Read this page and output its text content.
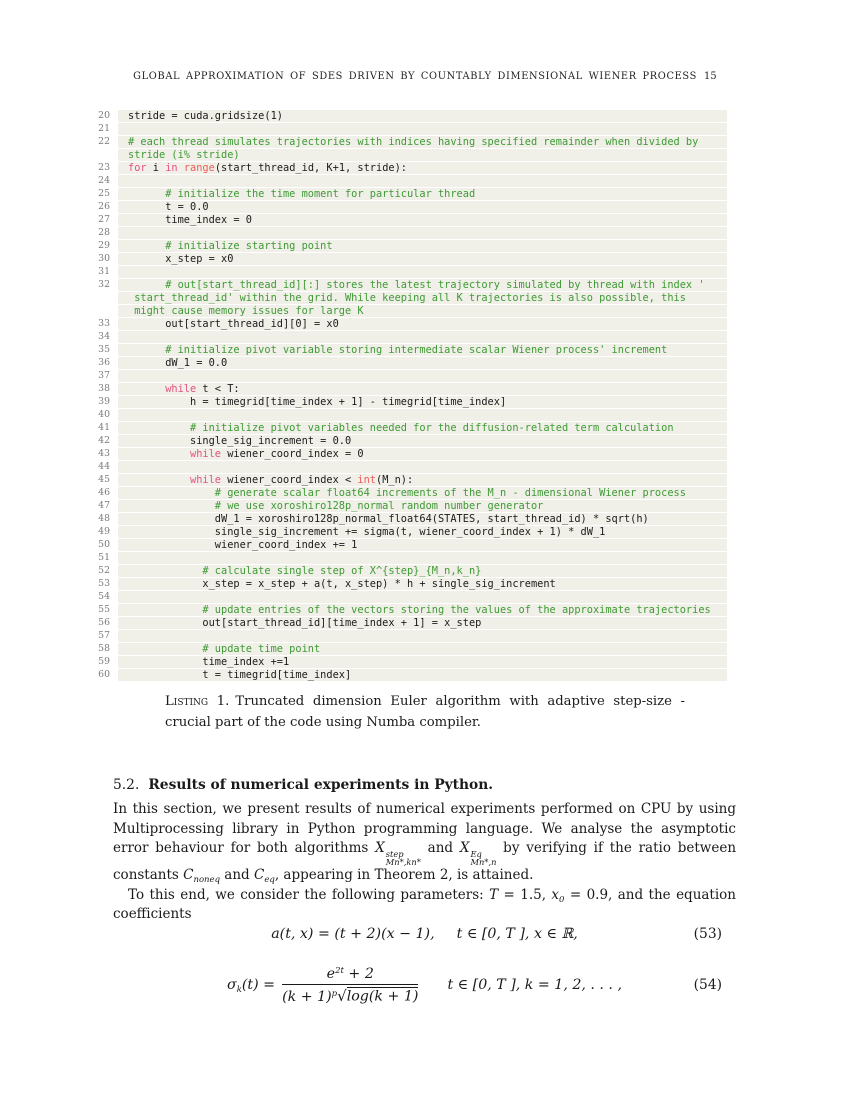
GLOBAL APPROXIMATION OF SDES DRIVEN BY COUNTABLY DIMENSIONAL WIENER PROCESS 15
20	stride = cuda.gridsize(1)
21
22	# each thread simulates trajectories with indices having specified remainder when divided by
stride (i% stride)
23	for i in range(start_thread_id, K+1, stride):
24
25	# initialize the time moment for particular thread
26	t = 0.0
27	time_index = 0
28
29	# initialize starting point
30	x_step = x0
31
32	# out[start_thread_id][:] stores the latest trajectory simulated by thread with index '
start_thread_id' within the grid. While keeping all K trajectories is also possible, this
might cause memory issues for large K
33	out[start_thread_id][0] = x0
34
35	# initialize pivot variable storing intermediate scalar Wiener process' increment
36	dW_1 = 0.0
37
38	while t < T:
39	h = timegrid[time_index + 1] - timegrid[time_index]
40
41	# initialize pivot variables needed for the diffusion-related term calculation
42	single_sig_increment = 0.0
43	while wiener_coord_index = 0
44
45	while wiener_coord_index < int(M_n):
46	# generate scalar float64 increments of the M_n - dimensional Wiener process
47	# we use xoroshiro128p_normal random number generator
48	dW_1 = xoroshiro128p_normal_float64(STATES, start_thread_id) * sqrt(h)
49	single_sig_increment += sigma(t, wiener_coord_index + 1) * dW_1
50	wiener_coord_index += 1
51
52	# calculate single step of X^{step}_{M_n,k_n}
53	x_step = x_step + a(t, x_step) * h + single_sig_increment
54
55	# update entries of the vectors storing the values of the approximate trajectories
56	out[start_thread_id][time_index + 1] = x_step
57
58	# update time point
59	time_index +=1
60	t = timegrid[time_index]
Listing 1. Truncated dimension Euler algorithm with adaptive step-size -
crucial part of the code using Numba compiler.
5.2. Results of numerical experiments in Python.

In this section, we present results of numerical experiments performed on CPU by using Multiprocessing library in Python programming language. We analyse the asymptotic error behaviour for both algorithms X step
Mn*,kn*
and X Eq
Mn*,n
by verifying if the ratio between constants $C_{noneq}$ and $C_{eq}$, appearing in Theorem 2, is attained.

To this end, we consider the following parameters: T = 1.5, $x_0 = 0.9$, and the equation coefficients

a(t, x) = (t + 2)(x − 1), t ∈ [0, T ], x ∈ ℝ,	(53)
$\sigma_k(t) = \frac{e^{2t} + 2}{(k + 1)^p√\log(k + 1)}$ t ∈ [0, T ], k = 1, 2, . . . ,	(54)
